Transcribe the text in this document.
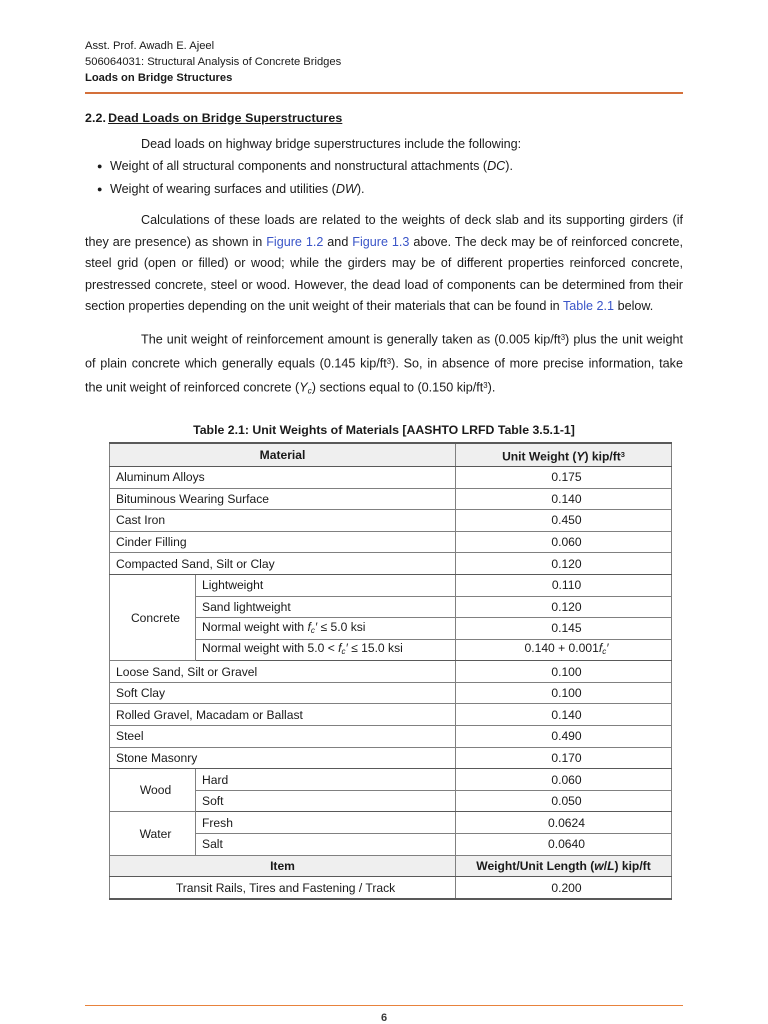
Asst. Prof. Awadh E. Ajeel
506064031: Structural Analysis of Concrete Bridges
Loads on Bridge Structures
2.2. Dead Loads on Bridge Superstructures

Dead loads on highway bridge superstructures include the following:

● Weight of all structural components and nonstructural attachments (DC).
● Weight of wearing surfaces and utilities (DW).

Calculations of these loads are related to the weights of deck slab and its supporting girders (if they are presence) as shown in Figure 1.2 and Figure 1.3 above. The deck may be of reinforced concrete, steel grid (open or filled) or wood; while the girders may be of different properties reinforced concrete, prestressed concrete, steel or wood. However, the dead load of components can be determined from their section properties depending on the unit weight of their materials that can be found in Table 2.1 below.

The unit weight of reinforcement amount is generally taken as (0.005 kip/$ft^3$) plus the unit weight of plain concrete which generally equals (0.145 kip/$ft^3$). So, in absence of more precise information, take the unit weight of reinforced concrete $(\Upsilon_c)$ sections equal to (0.150 kip/$ft^3$).

Table 2.1: Unit Weights of Materials [AASHTO LRFD Table 3.5.1-1]
Material		Unit Weight (Υ) kip/$ft^3$
Aluminum Alloys		0.175
Bituminous Wearing Surface		0.140
Cast Iron		0.450
Cinder Filling		0.060
Compacted Sand, Silt or Clay		0.120
Concrete	Lightweight	0.110
	Sand lightweight	0.120
	Normal weight with $f_c' \le 5.0$ ksi	0.145
	Normal weight with $5.0 < f_c' \le 15.0$ ksi	$0.140 + 0.001f_c'$
Loose Sand, Silt or Gravel		0.100
Soft Clay		0.100
Rolled Gravel, Macadam or Ballast		0.140
Steel		0.490
Stone Masonry		0.170
Wood	Hard	0.060
	Soft	0.050
Water	Fresh	0.0624
	Salt	0.0640
Item		Weight/Unit Length (w/L) kip/ft
Transit Rails, Tires and Fastening / Track		0.200
6
